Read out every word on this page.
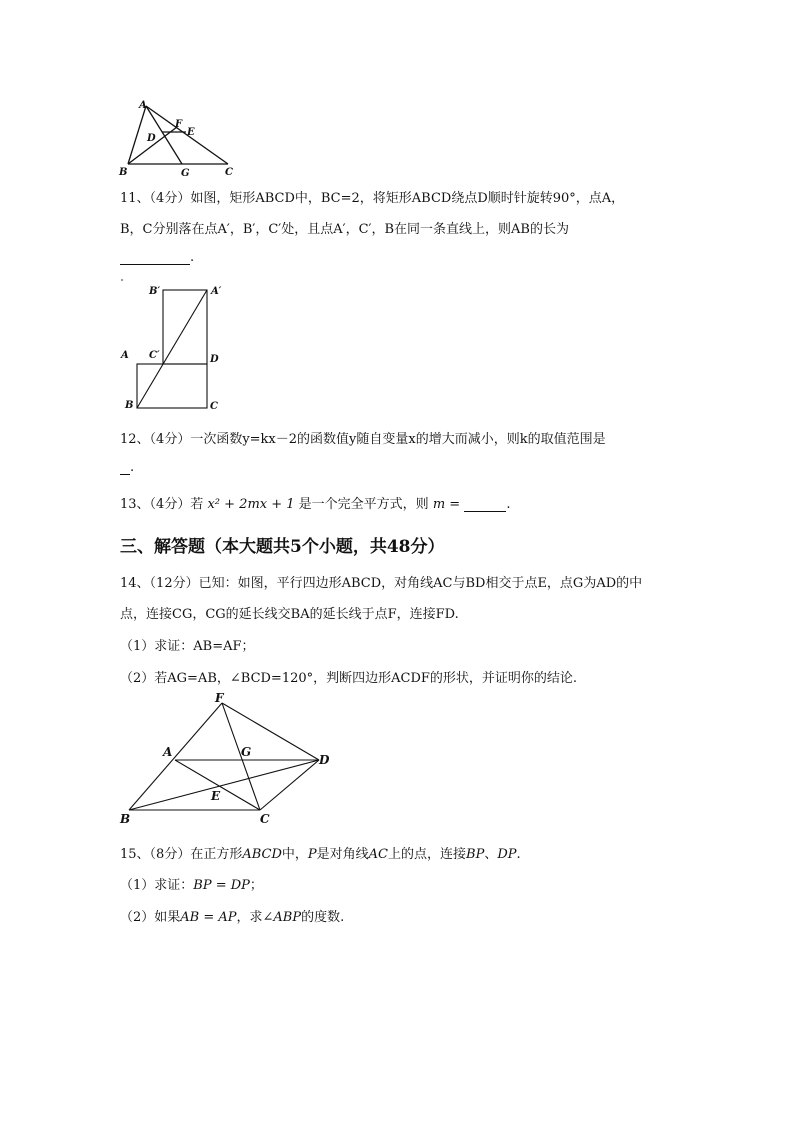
A
B	C
D
E
F
G
11、（4分）如图，矩形ABCD中，BC=2，将矩形ABCD绕点D顺时针旋转90°，点A，
B，C分别落在点A′，B′，C′处，且点A′，C′，B在同一条直线上，则AB的长为
.
B′	A′
A C′	D
B	C
12、（4分）一次函数y=kx－2的函数值y随自变量x的增大而减小，则k的取值范围是
.
13、（4分）若 x² + 2mx + 1 是一个完全平方式，则 m =	.
三、解答题（本大题共5个小题，共48分）
14、（12分）已知：如图，平行四边形ABCD，对角线AC与BD相交于点E，点G为AD的中
点，连接CG，CG的延长线交BA的延长线于点F，连接FD.
（1）求证：AB=AF；
（2）若AG=AB，∠BCD=120°，判断四边形ACDF的形状，并证明你的结论.
F
A	G
D
E
B	C
15、（8分）在正方形ABCD中，P是对角线AC上的点，连接BP、DP.
（1）求证：BP = DP；
（2）如果AB = AP，求∠ABP的度数.
